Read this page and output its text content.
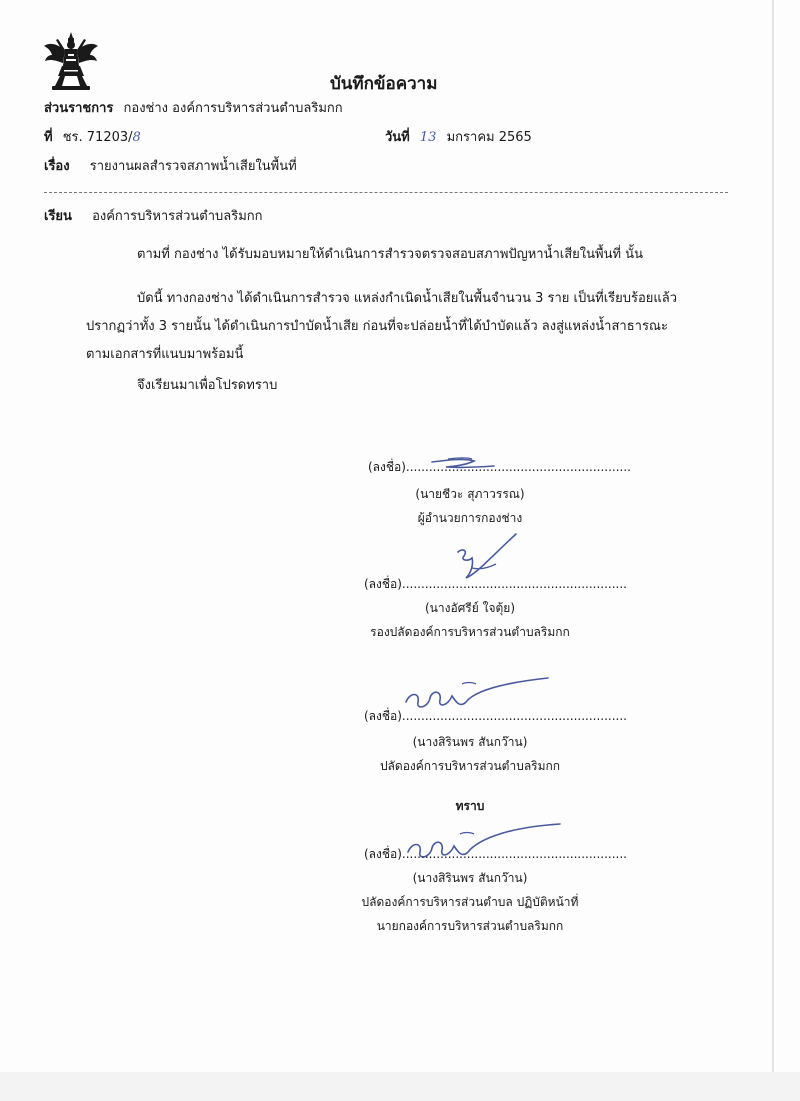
บันทึกข้อความ
ส่วนราชการ กองช่าง องค์การบริหารส่วนตำบลริมกก
ที่ ชร. 71203/8	วันที่ 13 มกราคม 2565
เรื่อง รายงานผลสำรวจสภาพน้ำเสียในพื้นที่
เรียน องค์การบริหารส่วนตำบลริมกก
ตามที่ กองช่าง ได้รับมอบหมายให้ดำเนินการสำรวจตรวจสอบสภาพปัญหาน้ำเสียในพื้นที่ นั้น
บัดนี้ ทางกองช่าง ได้ดำเนินการสำรวจ แหล่งกำเนิดน้ำเสียในพื้นจำนวน 3 ราย เป็นที่เรียบร้อยแล้ว
ปรากฏว่าทั้ง 3 รายนั้น ได้ดำเนินการบำบัดน้ำเสีย ก่อนที่จะปล่อยน้ำที่ได้บำบัดแล้ว ลงสู่แหล่งน้ำสาธารณะ
ตามเอกสารที่แนบมาพร้อมนี้
จึงเรียนมาเพื่อโปรดทราบ
(ลงชื่อ)...........................................................
(นายชีวะ สุภาวรรณ)
ผู้อำนวยการกองช่าง
(ลงชื่อ)...........................................................
(นางอัศรีย์ ใจตุ้ย)
รองปลัดองค์การบริหารส่วนตำบลริมกก
(ลงชื่อ)...........................................................
(นางสิรินพร สันกว๊าน)
ปลัดองค์การบริหารส่วนตำบลริมกก
ทราบ
(ลงชื่อ)...........................................................
(นางสิรินพร สันกว๊าน)
ปลัดองค์การบริหารส่วนตำบล ปฏิบัติหน้าที่
นายกองค์การบริหารส่วนตำบลริมกก
